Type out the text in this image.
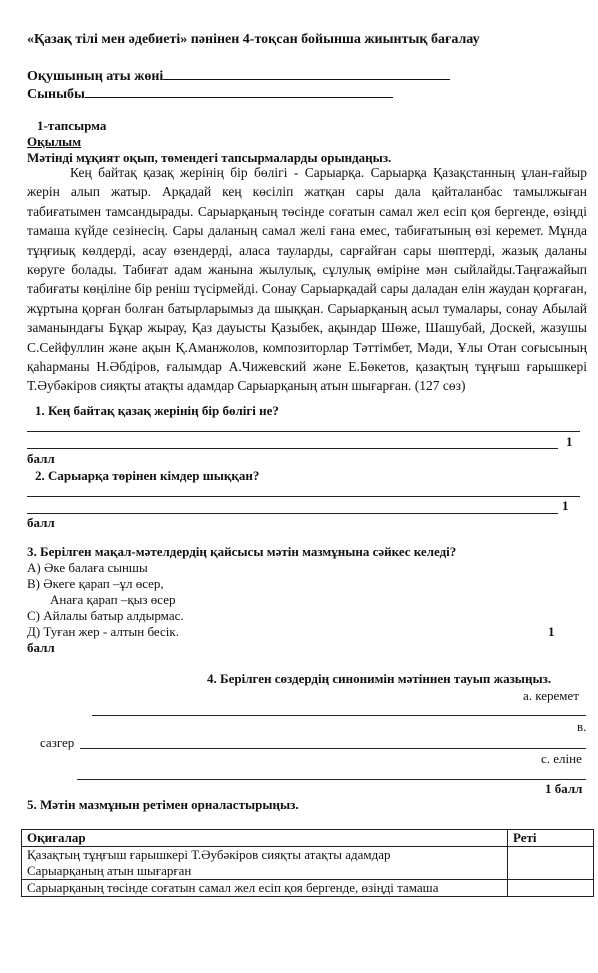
«Қазақ тілі мен әдебиеті» пәнінен 4-тоқсан бойынша жиынтық бағалау
Оқушының аты жөні
Сыныбы
1-тапсырма
Оқылым
Мәтінді мұқият оқып, төмендегі тапсырмаларды орындаңыз.
Кең байтақ қазақ жерінің бір бөлігі - Сарыарқа. Сарыарқа Қазақстанның ұлан-ғайыр жерін алып жатыр. Арқадай кең көсіліп жатқан сары дала қайталанбас тамылжыған табиғатымен тамсандырады. Сарыарқаның төсінде соғатын самал жел есіп қоя бергенде, өзіңді тамаша күйде сезінесің. Сары даланың самал желі ғана емес, табиғатының өзі керемет. Мұнда тұңғиық көлдерді, асау өзендерді, аласа тауларды, сарғайған сары шөптерді, жазық даланы көруге болады. Табиғат адам жанына жылулық, сұлулық өміріне мән сыйлайды.Таңғажайып табиғаты көңіліне бір реніш түсірмейді. Сонау Сарыарқадай сары даладан елін жаудан қорғаған, жұртына қорған болған батырларымыз да шыққан. Сарыарқаның асыл тумалары, сонау Абылай заманындағы Бұқар жырау, Қаз дауысты Қазыбек, ақындар Шөже, Шашубай, Доскей, жазушы С.Сейфуллин және ақын Қ.Аманжолов, композиторлар Тәттімбет, Мәди, Ұлы Отан соғысының қаһарманы Н.Әбдіров, ғалымдар А.Чижевский және Е.Бөкетов, қазақтың тұңғыш ғарышкері Т.Әубәкіров сияқты атақты адамдар Сарыарқаның атын шығарған. (127 сөз)
1. Кең байтақ қазақ жерінің бір бөлігі не?
1
балл
2. Сарыарқа төрінен кімдер шыққан?
1
балл
3. Берілген мақал-мәтелдердің қайсысы мәтін мазмұнына сәйкес келеді?
А) Әке балаға сыншы
В) Әкеге қарап –ұл өсер,
Анаға қарап –қыз өсер
С) Айлалы батыр алдырмас.
Д) Туған жер - алтын бесік.	1
балл
4. Берілген сөздердің синонимін мәтіннен тауып жазыңыз.
а. керемет
в.
сазгер
с. еліне
1 балл
5. Мәтін мазмұнын ретімен орналастырыңыз.
Оқиғалар	Реті

Қазақтың тұңғыш ғарышкері Т.Әубәкіров сияқты атақты адамдар
Сарыарқаның атын шығарған	

Сарыарқаның төсінде соғатын самал жел есіп қоя бергенде, өзіңді тамаша	
